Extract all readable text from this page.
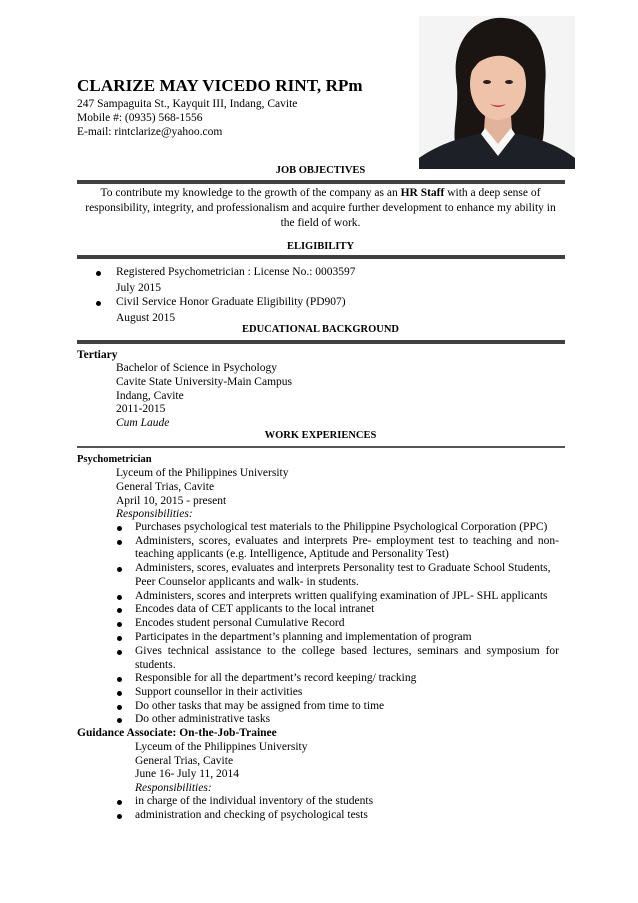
CLARIZE MAY VICEDO RINT, RPm
247 Sampaguita St., Kayquit III, Indang, Cavite
Mobile #: (0935) 568-1556
E-mail: rintclarize@yahoo.com
JOB OBJECTIVES
To contribute my knowledge to the growth of the company as an HR Staff with a deep sense of responsibility, integrity, and professionalism and acquire further development to enhance my ability in the field of work.
ELIGIBILITY
Registered Psychometrician : License No.: 0003597
July 2015
Civil Service Honor Graduate Eligibility (PD907)
August 2015
EDUCATIONAL BACKGROUND
Tertiary
Bachelor of Science in Psychology
Cavite State University-Main Campus
Indang, Cavite
2011-2015
Cum Laude
WORK EXPERIENCES
Psychometrician
Lyceum of the Philippines University
General Trias, Cavite
April 10, 2015 - present
Responsibilities:
Purchases psychological test materials to the Philippine Psychological Corporation (PPC)
Administers, scores, evaluates and interprets Pre- employment test to teaching and non-
teaching applicants (e.g. Intelligence, Aptitude and Personality Test)
Administers, scores, evaluates and interprets Personality test to Graduate School Students,
Peer Counselor applicants and walk- in students.
Administers, scores and interprets written qualifying examination of JPL- SHL applicants
Encodes data of CET applicants to the local intranet
Encodes student personal Cumulative Record
Participates in the department’s planning and implementation of program
Gives technical assistance to the college based lectures, seminars and symposium for
students.
Responsible for all the department’s record keeping/ tracking
Support counsellor in their activities
Do other tasks that may be assigned from time to time
Do other administrative tasks
Guidance Associate: On-the-Job-Trainee
Lyceum of the Philippines University
General Trias, Cavite
June 16- July 11, 2014
Responsibilities:
in charge of the individual inventory of the students
administration and checking of psychological tests
